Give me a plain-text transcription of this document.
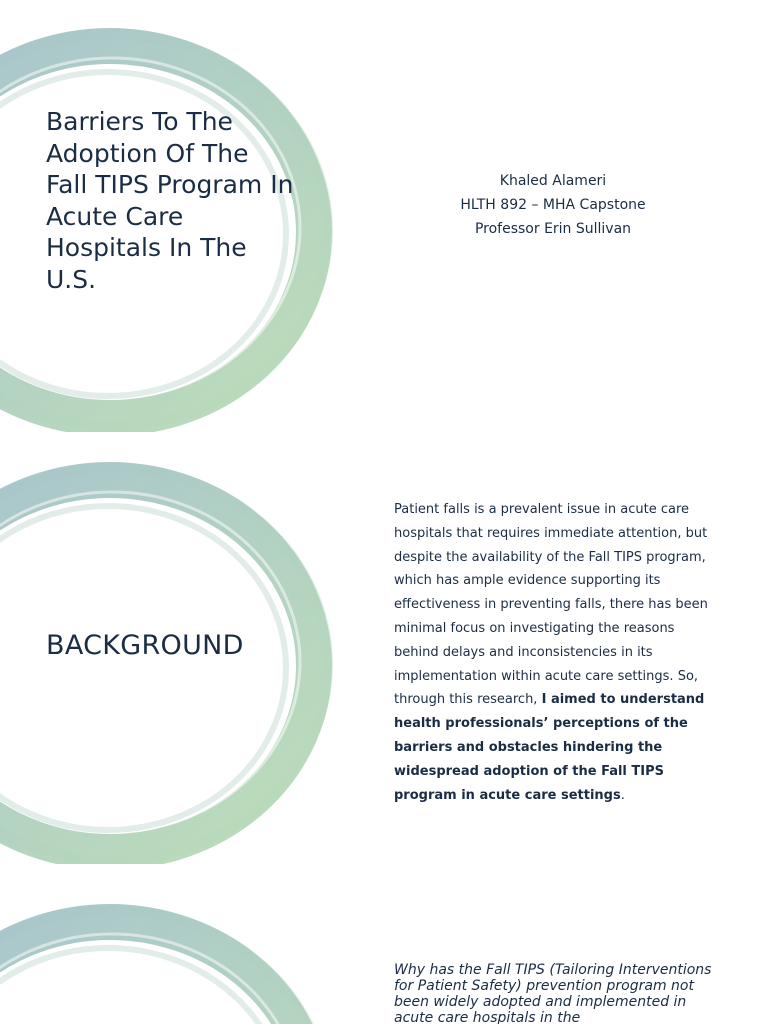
Barriers To The Adoption Of The Fall TIPS Program In Acute Care Hospitals In The U.S.
Khaled Alameri
HLTH 892 – MHA Capstone
Professor Erin Sullivan
BACKGROUND
Patient falls is a prevalent issue in acute care hospitals that requires immediate attention, but despite the availability of the Fall TIPS program, which has ample evidence supporting its effectiveness in preventing falls, there has been minimal focus on investigating the reasons behind delays and inconsistencies in its implementation within acute care settings. So, through this research, I aimed to understand health professionals’ perceptions of the barriers and obstacles hindering the widespread adoption of the Fall TIPS program in acute care settings.
Why has the Fall TIPS (Tailoring Interventions for Patient Safety) prevention program not been widely adopted and implemented in acute care hospitals in the
